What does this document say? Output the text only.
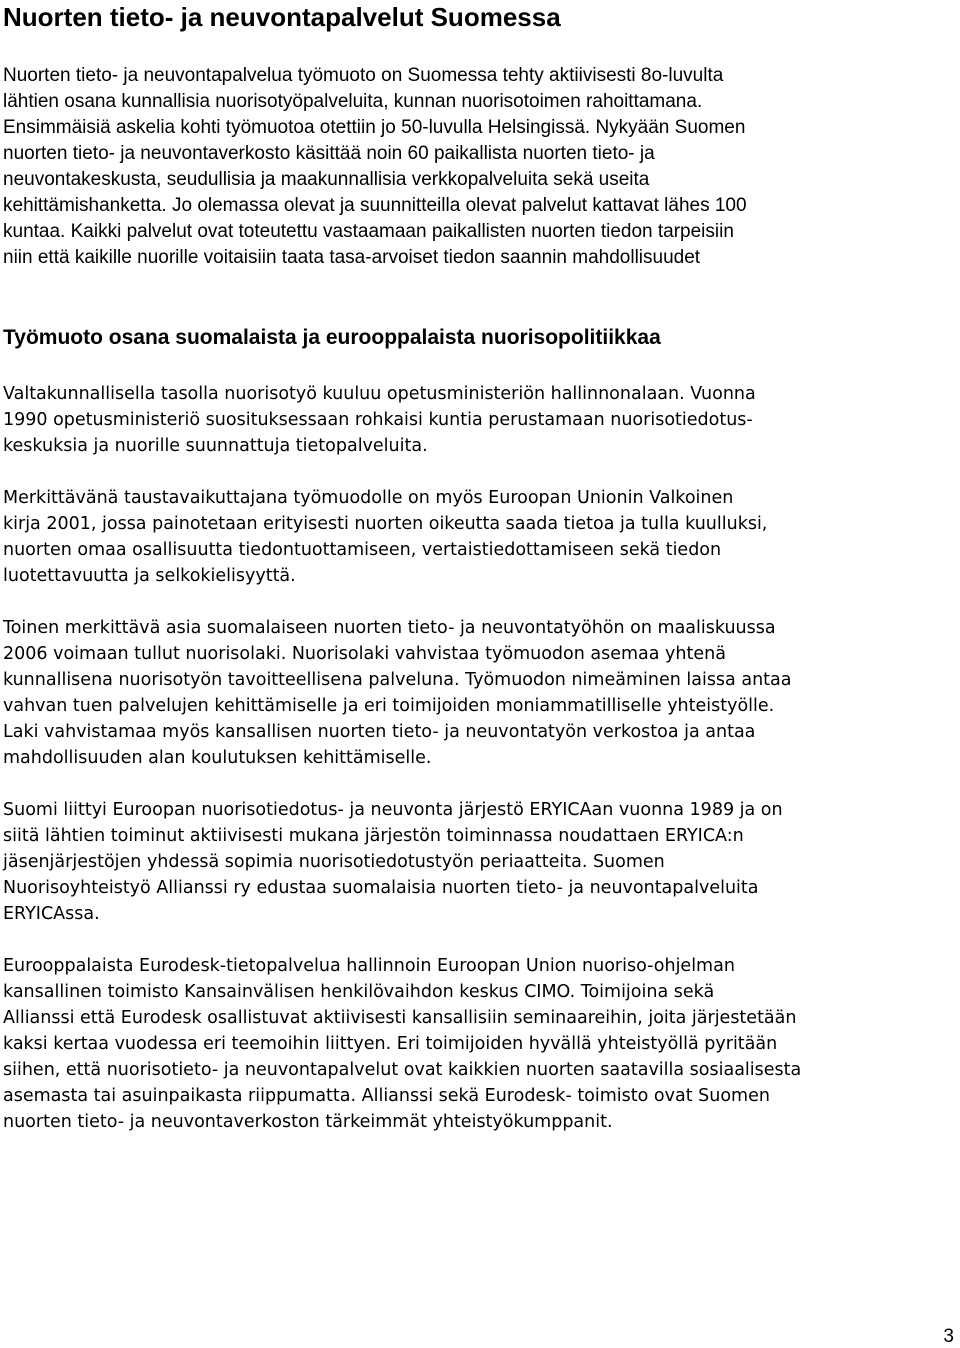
Nuorten tieto- ja neuvontapalvelut Suomessa
Nuorten tieto- ja neuvontapalvelua työmuoto on Suomessa tehty aktiivisesti 8o-luvulta
lähtien osana kunnallisia nuorisotyöpalveluita, kunnan nuorisotoimen rahoittamana.
Ensimmäisiä askelia kohti työmuotoa otettiin jo 50-luvulla Helsingissä. Nykyään Suomen
nuorten tieto- ja neuvontaverkosto käsittää noin 60 paikallista nuorten tieto- ja
neuvontakeskusta, seudullisia ja maakunnallisia verkkopalveluita sekä useita
kehittämishanketta. Jo olemassa olevat ja suunnitteilla olevat palvelut kattavat lähes 100
kuntaa. Kaikki palvelut ovat toteutettu vastaamaan paikallisten nuorten tiedon tarpeisiin
niin että kaikille nuorille voitaisiin taata tasa-arvoiset tiedon saannin mahdollisuudet
Työmuoto osana suomalaista ja eurooppalaista nuorisopolitiikkaa
Valtakunnallisella tasolla nuorisotyö kuuluu opetusministeriön hallinnonalaan. Vuonna
1990 opetusministeriö suosituksessaan rohkaisi kuntia perustamaan nuorisotiedotus-
keskuksia ja nuorille suunnattuja tietopalveluita.
Merkittävänä taustavaikuttajana työmuodolle on myös Euroopan Unionin Valkoinen
kirja 2001, jossa painotetaan erityisesti nuorten oikeutta saada tietoa ja tulla kuulluksi,
nuorten omaa osallisuutta tiedontuottamiseen, vertaistiedottamiseen sekä tiedon
luotettavuutta ja selkokielisyyttä.
Toinen merkittävä asia suomalaiseen nuorten tieto- ja neuvontatyöhön on maaliskuussa
2006 voimaan tullut nuorisolaki. Nuorisolaki vahvistaa työmuodon asemaa yhtenä
kunnallisena nuorisotyön tavoitteellisena palveluna. Työmuodon nimeäminen laissa antaa
vahvan tuen palvelujen kehittämiselle ja eri toimijoiden moniammatilliselle yhteistyölle.
Laki vahvistamaa myös kansallisen nuorten tieto- ja neuvontatyön verkostoa ja antaa
mahdollisuuden alan koulutuksen kehittämiselle.
Suomi liittyi Euroopan nuorisotiedotus- ja neuvonta järjestö ERYICAan vuonna 1989 ja on
siitä lähtien toiminut aktiivisesti mukana järjestön toiminnassa noudattaen ERYICA:n
jäsenjärjestöjen yhdessä sopimia nuorisotiedotustyön periaatteita. Suomen
Nuorisoyhteistyö Allianssi ry edustaa suomalaisia nuorten tieto- ja neuvontapalveluita
ERYICAssa.
Eurooppalaista Eurodesk-tietopalvelua hallinnoin Euroopan Union nuoriso-ohjelman
kansallinen toimisto Kansainvälisen henkilövaihdon keskus CIMO. Toimijoina sekä
Allianssi että Eurodesk osallistuvat aktiivisesti kansallisiin seminaareihin, joita järjestetään
kaksi kertaa vuodessa eri teemoihin liittyen. Eri toimijoiden hyvällä yhteistyöllä pyritään
siihen, että nuorisotieto- ja neuvontapalvelut ovat kaikkien nuorten saatavilla sosiaalisesta
asemasta tai asuinpaikasta riippumatta. Allianssi sekä Eurodesk- toimisto ovat Suomen
nuorten tieto- ja neuvontaverkoston tärkeimmät yhteistyökumppanit.
3
